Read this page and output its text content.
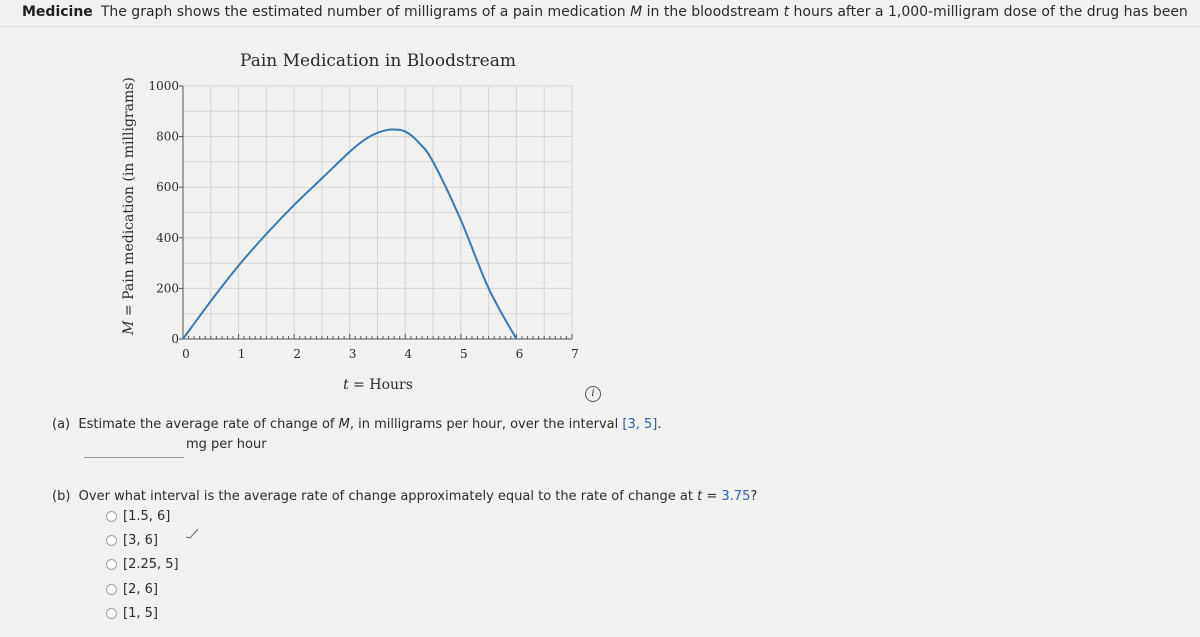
Medicine The graph shows the estimated number of milligrams of a pain medication M in the bloodstream t hours after a 1,000-milligram dose of the drug has been
Pain Medication in Bloodstream
0
200
400
600
800
1000
0	1	2	3	4	5	6	7
t = Hours
M = Pain medication (in milligrams)
i
(a) Estimate the average rate of change of M, in milligrams per hour, over the interval [3, 5].
mg per hour
(b) Over what interval is the average rate of change approximately equal to the rate of change at t = 3.75?
[1.5, 6]
[3, 6]
[2.25, 5]
[2, 6]
[1, 5]
